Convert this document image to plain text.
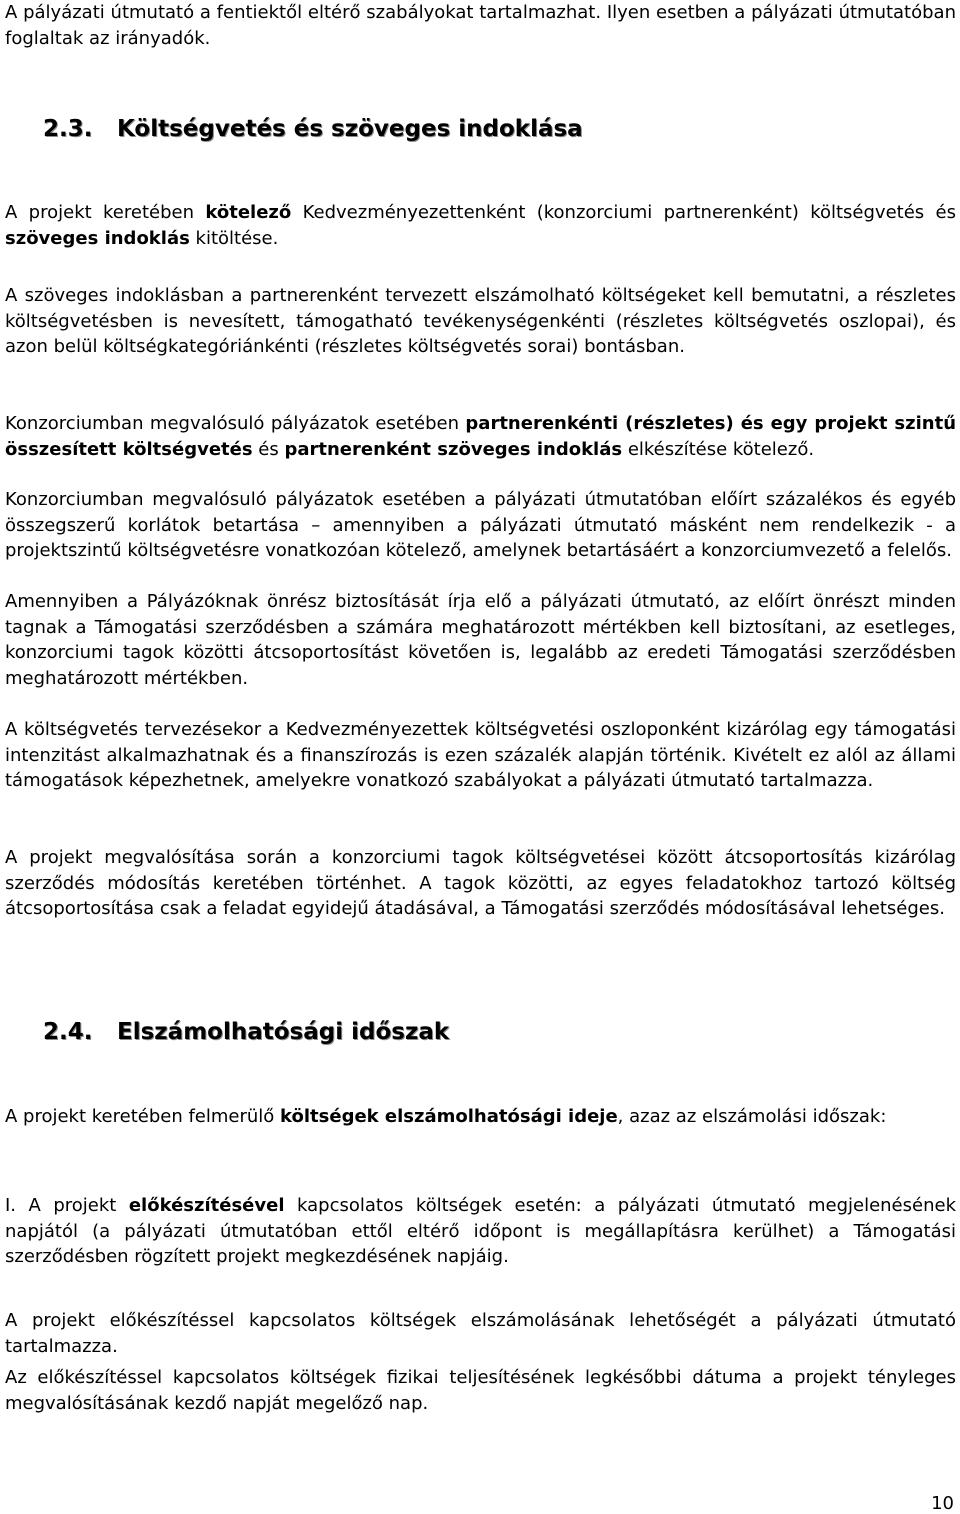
A pályázati útmutató a fentiektől eltérő szabályokat tartalmazhat. Ilyen esetben a pályázati útmutatóban foglaltak az irányadók.

2.3. Költségvetés és szöveges indoklása

A projekt keretében kötelező Kedvezményezettenként (konzorciumi partnerenként) költségvetés és szöveges indoklás kitöltése.

A szöveges indoklásban a partnerenként tervezett elszámolható költségeket kell bemutatni, a részletes költségvetésben is nevesített, támogatható tevékenységenkénti (részletes költségvetés oszlopai), és azon belül költségkategóriánkénti (részletes költségvetés sorai) bontásban.

Konzorciumban megvalósuló pályázatok esetében partnerenkénti (részletes) és egy projekt szintű összesített költségvetés és partnerenként szöveges indoklás elkészítése kötelező.

Konzorciumban megvalósuló pályázatok esetében a pályázati útmutatóban előírt százalékos és egyéb összegszerű korlátok betartása – amennyiben a pályázati útmutató másként nem rendelkezik - a projektszintű költségvetésre vonatkozóan kötelező, amelynek betartásáért a konzorciumvezető a felelős.

Amennyiben a Pályázóknak önrész biztosítását írja elő a pályázati útmutató, az előírt önrészt minden tagnak a Támogatási szerződésben a számára meghatározott mértékben kell biztosítani, az esetleges, konzorciumi tagok közötti átcsoportosítást követően is, legalább az eredeti Támogatási szerződésben meghatározott mértékben.

A költségvetés tervezésekor a Kedvezményezettek költségvetési oszloponként kizárólag egy támogatási intenzitást alkalmazhatnak és a finanszírozás is ezen százalék alapján történik. Kivételt ez alól az állami támogatások képezhetnek, amelyekre vonatkozó szabályokat a pályázati útmutató tartalmazza.

A projekt megvalósítása során a konzorciumi tagok költségvetései között átcsoportosítás kizárólag szerződés módosítás keretében történhet. A tagok közötti, az egyes feladatokhoz tartozó költség átcsoportosítása csak a feladat egyidejű átadásával, a Támogatási szerződés módosításával lehetséges.

2.4. Elszámolhatósági időszak

A projekt keretében felmerülő költségek elszámolhatósági ideje, azaz az elszámolási időszak:

I. A projekt előkészítésével kapcsolatos költségek esetén: a pályázati útmutató megjelenésének napjától (a pályázati útmutatóban ettől eltérő időpont is megállapításra kerülhet) a Támogatási szerződésben rögzített projekt megkezdésének napjáig.

A projekt előkészítéssel kapcsolatos költségek elszámolásának lehetőségét a pályázati útmutató tartalmazza.

Az előkészítéssel kapcsolatos költségek fizikai teljesítésének legkésőbbi dátuma a projekt tényleges megvalósításának kezdő napját megelőző nap.

10
